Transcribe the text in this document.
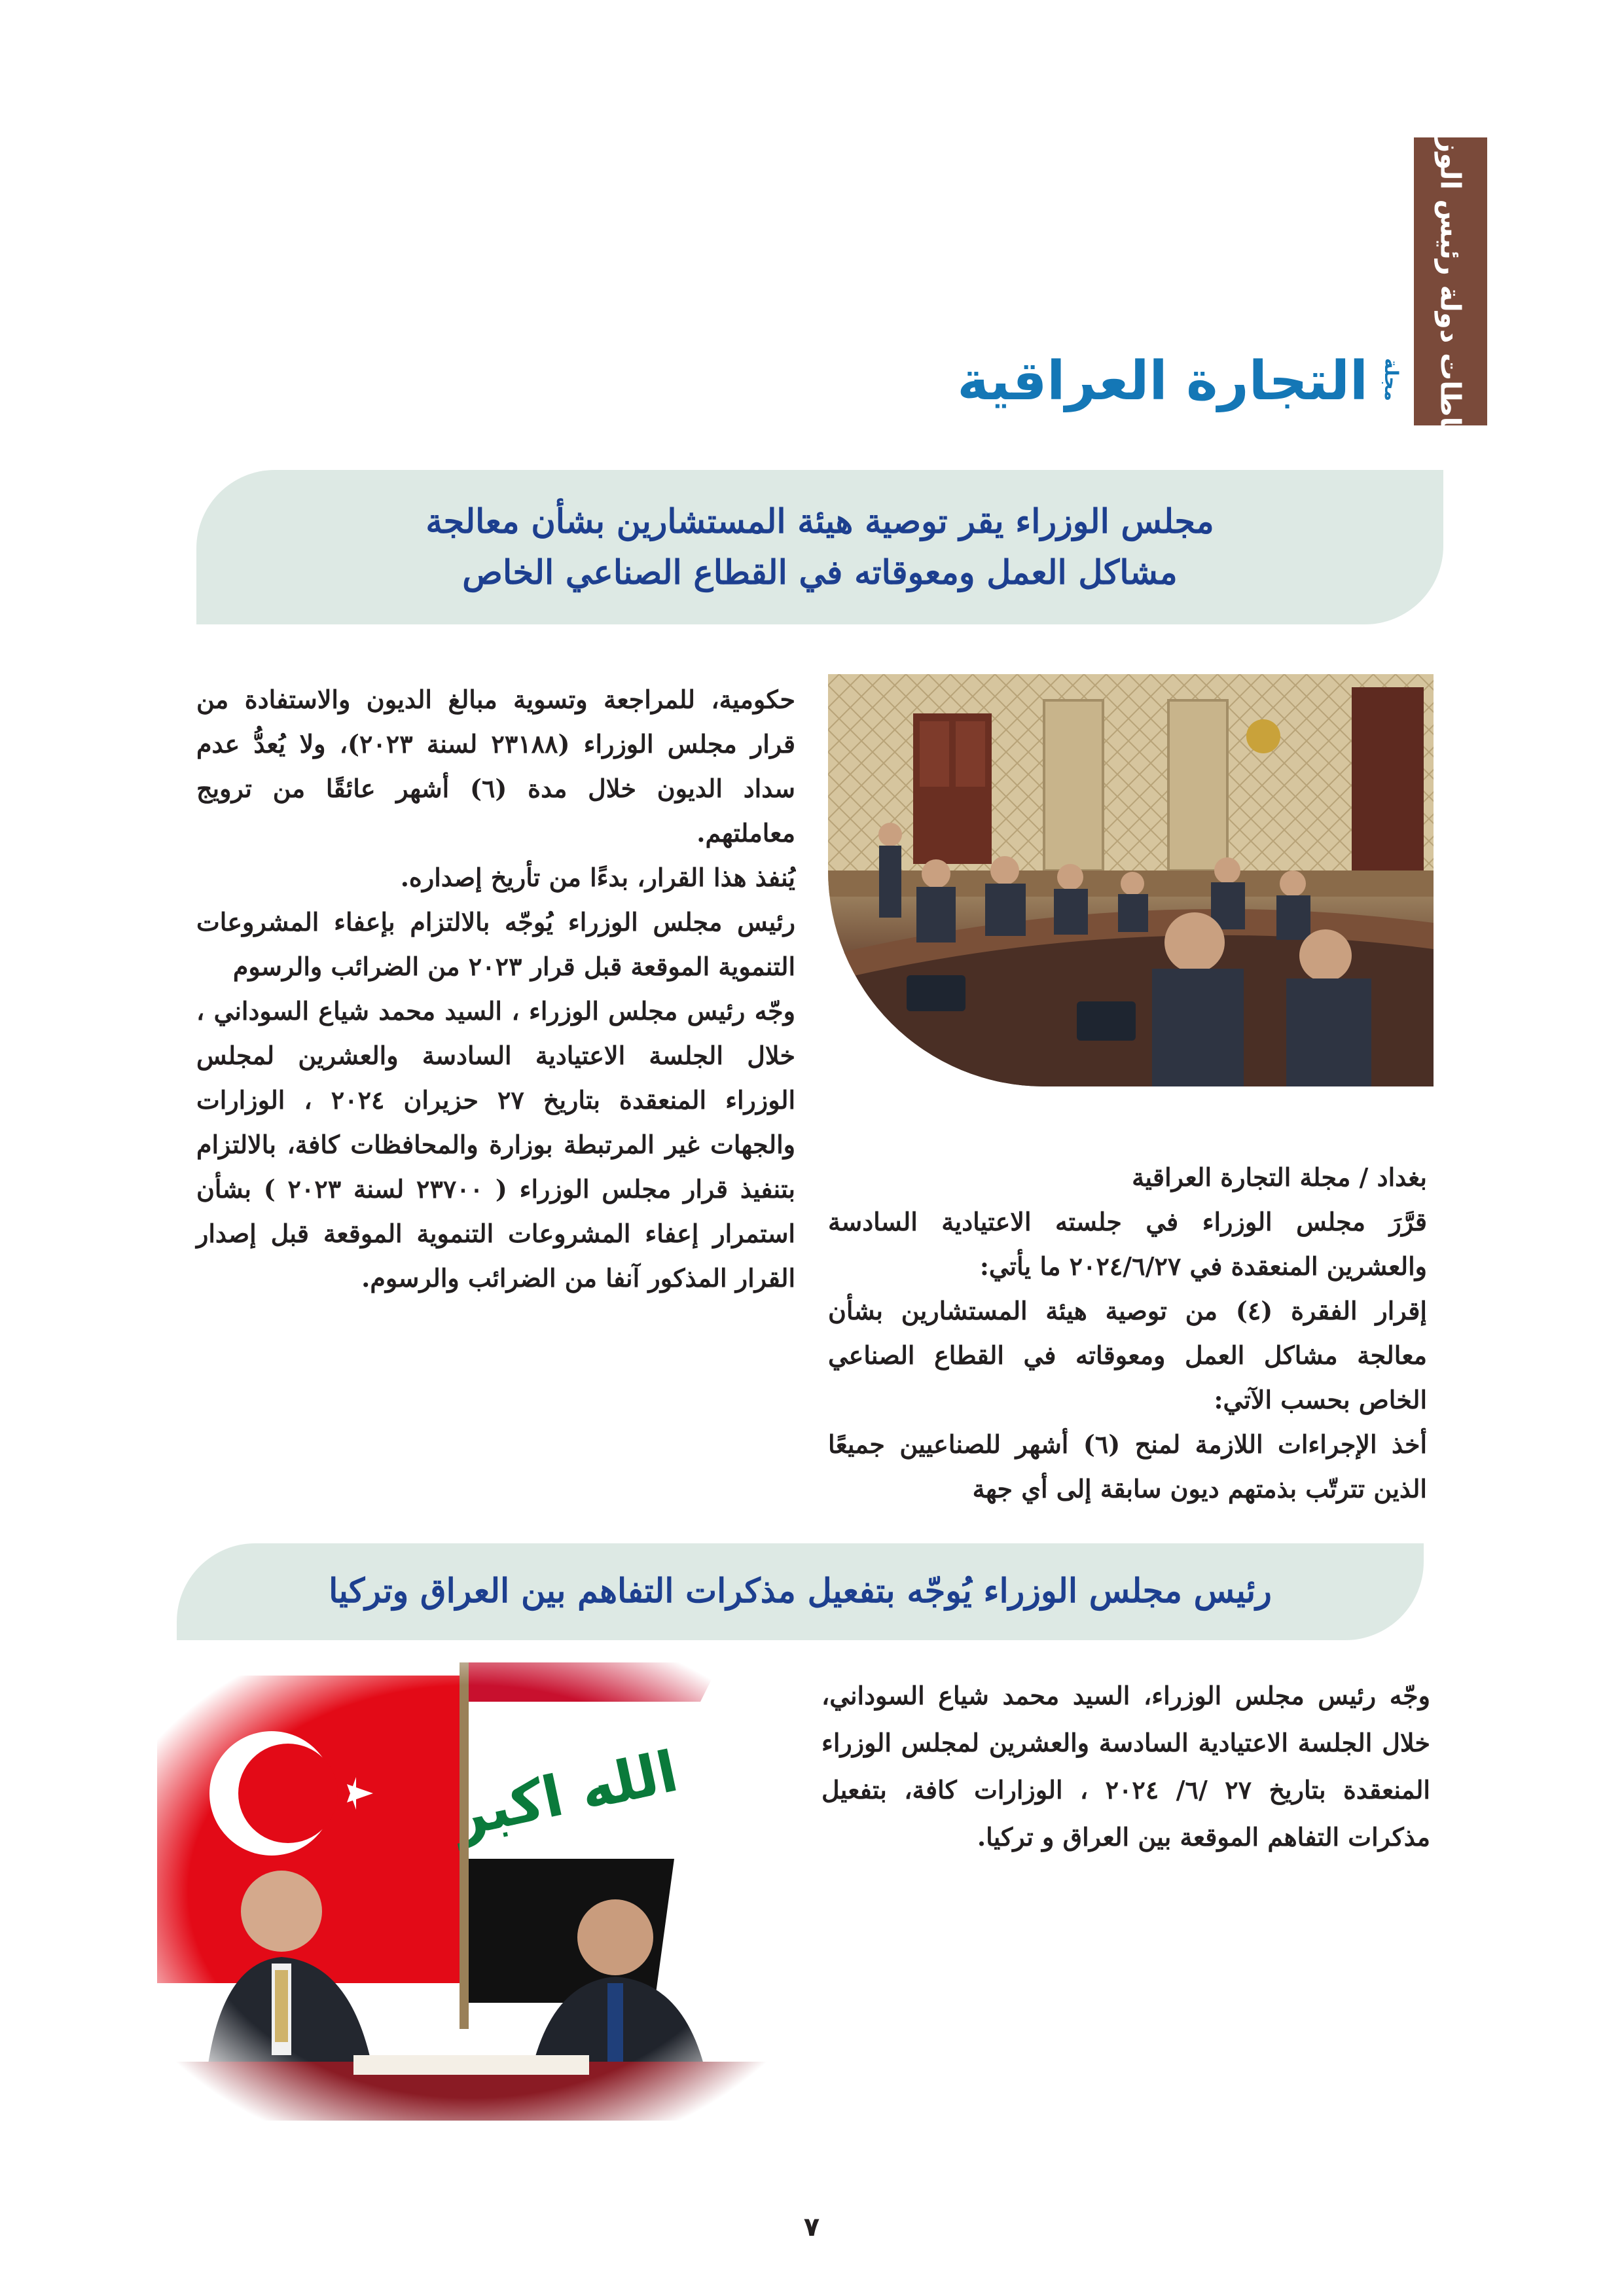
نشاطات دولة رئيس الوزراء
التجارة العراقية مجلة
مجلس الوزراء يقر توصية هيئة المستشارين بشأن معالجة
مشاكل العمل ومعوقاته في القطاع الصناعي الخاص

بغداد / مجلة التجارة العراقية

قرَّرَ مجلس الوزراء في جلسته الاعتيادية السادسة والعشرين المنعقدة في ٢٠٢٤/٦/٢٧ ما يأتي:

إقرار الفقرة (٤) من توصية هيئة المستشارين بشأن معالجة مشاكل العمل ومعوقاته في القطاع الصناعي الخاص بحسب الآتي:

أخذ الإجراءات اللازمة لمنح (٦) أشهر للصناعيين جميعًا الذين تترتّب بذمتهم ديون سابقة إلى أي جهة

حكومية، للمراجعة وتسوية مبالغ الديون والاستفادة من قرار مجلس الوزراء (٢٣١٨٨ لسنة ٢٠٢٣)، ولا يُعدُّ عدم سداد الديون خلال مدة (٦) أشهر عائقًا من ترويج معاملتهم.

يُنفذ هذا القرار، بدءًا من تأريخ إصداره.

رئيس مجلس الوزراء يُوجّه بالالتزام بإعفاء المشروعات التنموية الموقعة قبل قرار ٢٠٢٣ من الضرائب والرسوم

وجّه رئيس مجلس الوزراء ، السيد محمد شياع السوداني ، خلال الجلسة الاعتيادية السادسة والعشرين لمجلس الوزراء المنعقدة بتاريخ ٢٧ حزيران ٢٠٢٤ ، الوزارات والجهات غير المرتبطة بوزارة والمحافظات كافة، بالالتزام بتنفيذ قرار مجلس الوزراء ( ٢٣٧٠٠ لسنة ٢٠٢٣ ) بشأن استمرار إعفاء المشروعات التنموية الموقعة قبل إصدار القرار المذكور آنفا من الضرائب والرسوم.

رئيس مجلس الوزراء يُوجّه بتفعيل مذكرات التفاهم بين العراق وتركيا

وجّه رئيس مجلس الوزراء، السيد محمد شياع السوداني، خلال الجلسة الاعتيادية السادسة والعشرين لمجلس الوزراء المنعقدة بتاريخ ٢٧ /٦/ ٢٠٢٤ ، الوزارات كافة، بتفعيل مذكرات التفاهم الموقعة بين العراق و تركيا.

٧
